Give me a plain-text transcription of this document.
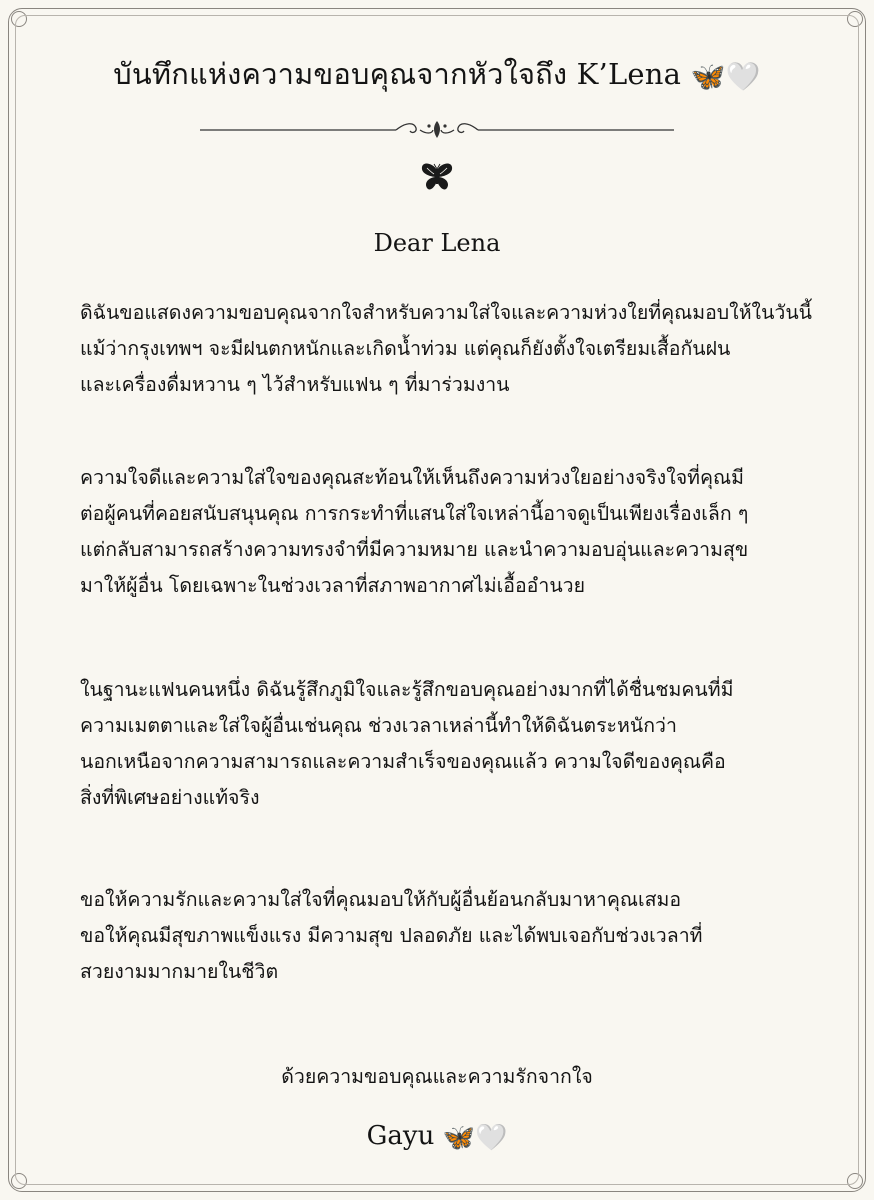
บันทึกแห่งความขอบคุณจากหัวใจถึง K’Lena 🦋🤍
Dear Lena
ดิฉันขอแสดงความขอบคุณจากใจสำหรับความใส่ใจและความห่วงใยที่คุณมอบให้ในวันนี้
แม้ว่ากรุงเทพฯ จะมีฝนตกหนักและเกิดน้ำท่วม แต่คุณก็ยังตั้งใจเตรียมเสื้อกันฝน
และเครื่องดื่มหวาน ๆ ไว้สำหรับแฟน ๆ ที่มาร่วมงาน
ความใจดีและความใส่ใจของคุณสะท้อนให้เห็นถึงความห่วงใยอย่างจริงใจที่คุณมี
ต่อผู้คนที่คอยสนับสนุนคุณ การกระทำที่แสนใส่ใจเหล่านี้อาจดูเป็นเพียงเรื่องเล็ก ๆ
แต่กลับสามารถสร้างความทรงจำที่มีความหมาย และนำความอบอุ่นและความสุข
มาให้ผู้อื่น โดยเฉพาะในช่วงเวลาที่สภาพอากาศไม่เอื้ออำนวย
ในฐานะแฟนคนหนึ่ง ดิฉันรู้สึกภูมิใจและรู้สึกขอบคุณอย่างมากที่ได้ชื่นชมคนที่มี
ความเมตตาและใส่ใจผู้อื่นเช่นคุณ ช่วงเวลาเหล่านี้ทำให้ดิฉันตระหนักว่า
นอกเหนือจากความสามารถและความสำเร็จของคุณแล้ว ความใจดีของคุณคือ
สิ่งที่พิเศษอย่างแท้จริง
ขอให้ความรักและความใส่ใจที่คุณมอบให้กับผู้อื่นย้อนกลับมาหาคุณเสมอ
ขอให้คุณมีสุขภาพแข็งแรง มีความสุข ปลอดภัย และได้พบเจอกับช่วงเวลาที่
สวยงามมากมายในชีวิต
ด้วยความขอบคุณและความรักจากใจ
Gayu 🦋🤍
